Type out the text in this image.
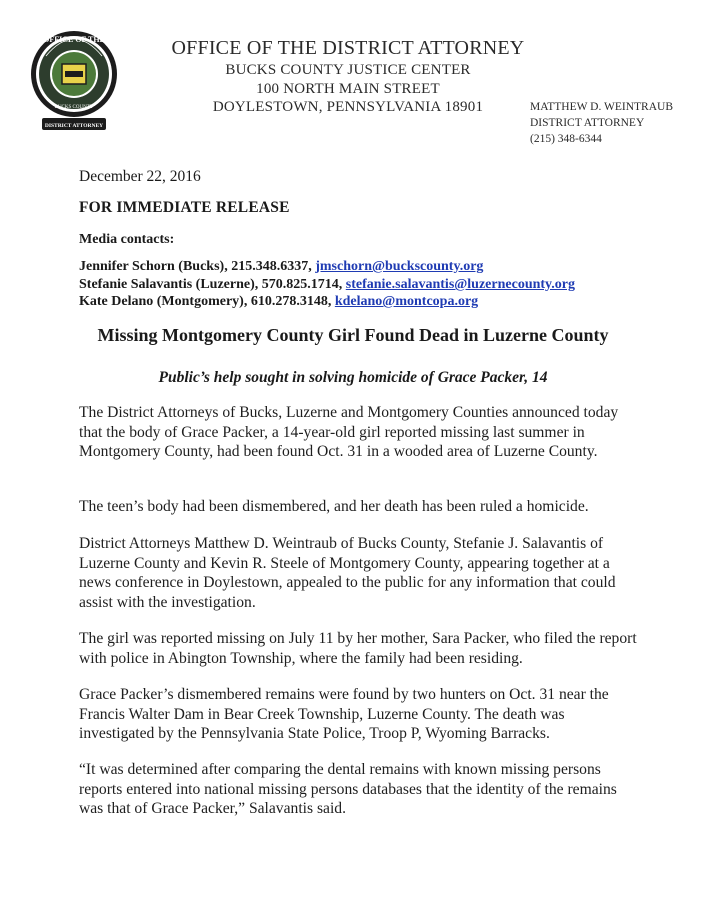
OFFICE OF THE
BUCKS COUNTY
DISTRICT ATTORNEY
OFFICE OF THE DISTRICT ATTORNEY
BUCKS COUNTY JUSTICE CENTER
100 NORTH MAIN STREET
DOYLESTOWN, PENNSYLVANIA 18901	MATTHEW D. WEINTRAUB
DISTRICT ATTORNEY
(215) 348-6344
December 22, 2016
FOR IMMEDIATE RELEASE
Media contacts:
Jennifer Schorn (Bucks), 215.348.6337, jmschorn@buckscounty.org
Stefanie Salavantis (Luzerne), 570.825.1714, stefanie.salavantis@luzernecounty.org
Kate Delano (Montgomery), 610.278.3148, kdelano@montcopa.org
Missing Montgomery County Girl Found Dead in Luzerne County
Public’s help sought in solving homicide of Grace Packer, 14
The District Attorneys of Bucks, Luzerne and Montgomery Counties announced today that the body of Grace Packer, a 14-year-old girl reported missing last summer in Montgomery County, had been found Oct. 31 in a wooded area of Luzerne County.
The teen’s body had been dismembered, and her death has been ruled a homicide.
District Attorneys Matthew D. Weintraub of Bucks County, Stefanie J. Salavantis of Luzerne County and Kevin R. Steele of Montgomery County, appearing together at a news conference in Doylestown, appealed to the public for any information that could assist with the investigation.
The girl was reported missing on July 11 by her mother, Sara Packer, who filed the report with police in Abington Township, where the family had been residing.
Grace Packer’s dismembered remains were found by two hunters on Oct. 31 near the Francis Walter Dam in Bear Creek Township, Luzerne County. The death was investigated by the Pennsylvania State Police, Troop P, Wyoming Barracks.
“It was determined after comparing the dental remains with known missing persons reports entered into national missing persons databases that the identity of the remains was that of Grace Packer,” Salavantis said.
